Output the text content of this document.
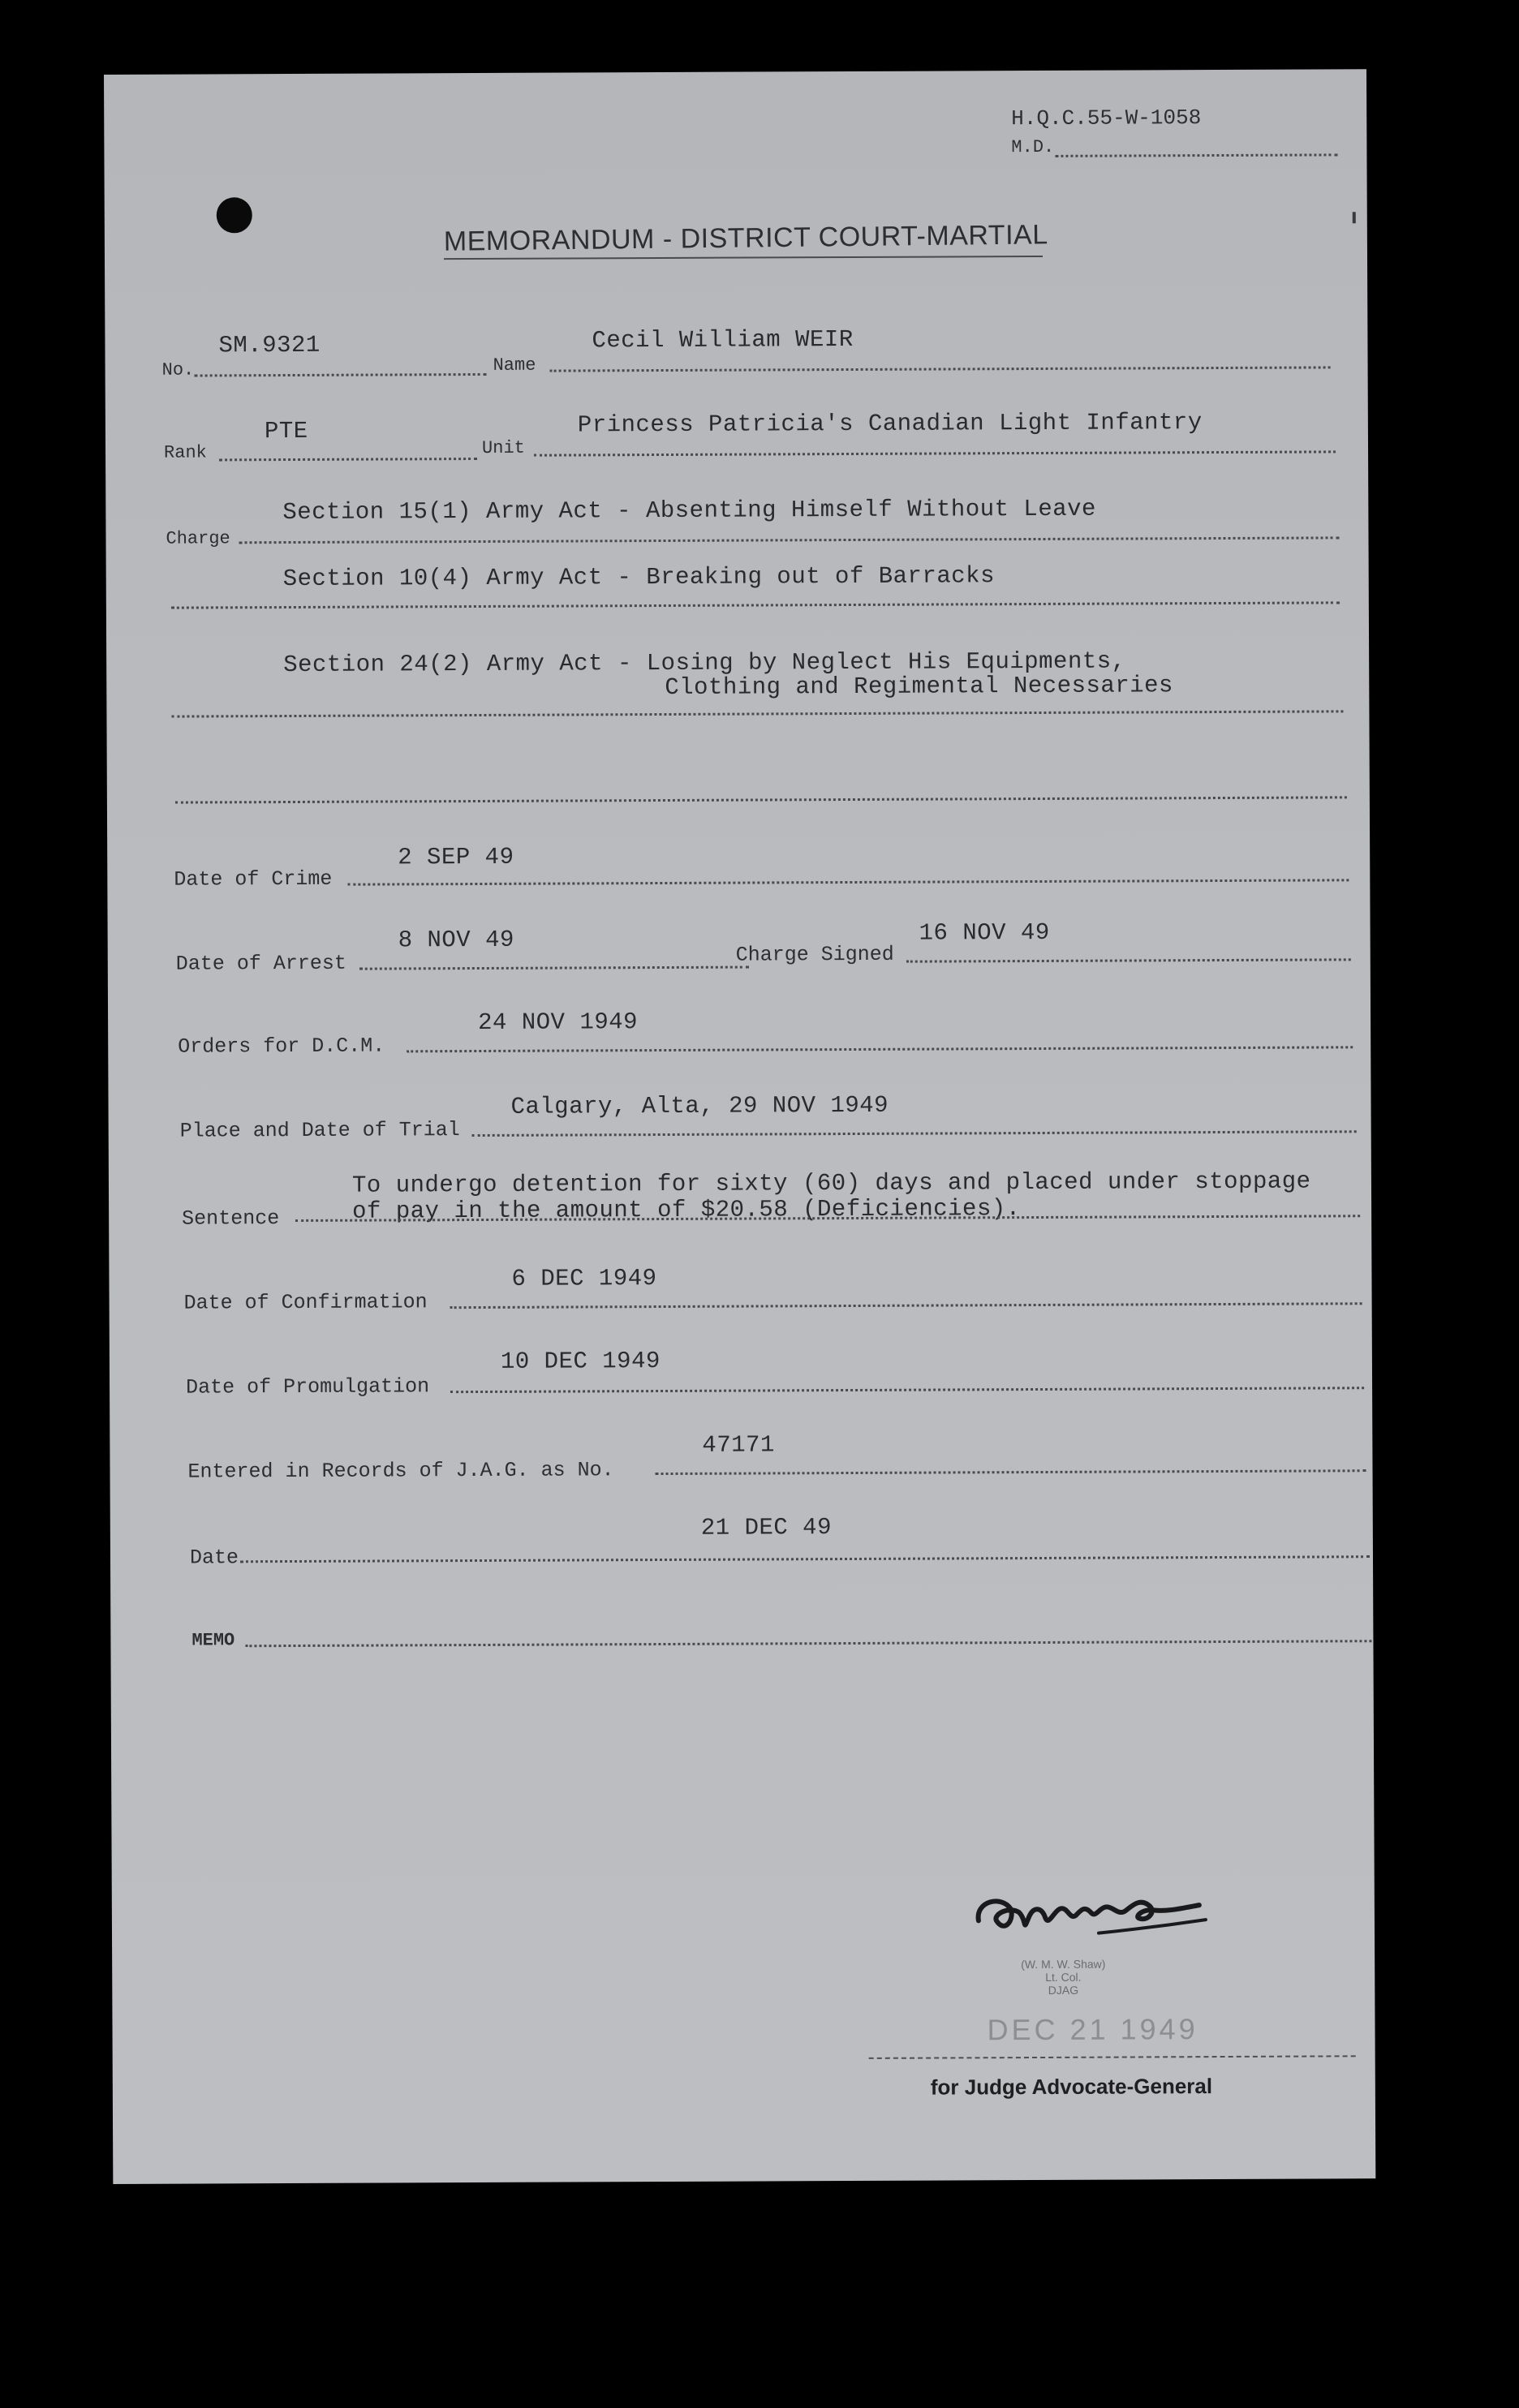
H.Q.C.55-W-1058
M.D.
MEMORANDUM - DISTRICT COURT-MARTIAL
No.
SM.9321
Name
Cecil William WEIR
Rank
PTE
Unit
Princess Patricia's Canadian Light Infantry
Charge
Section 15(1) Army Act - Absenting Himself Without Leave
Section 10(4) Army Act - Breaking out of Barracks
Section 24(2) Army Act - Losing by Neglect His Equipments,
Clothing and Regimental Necessaries
Date of Crime
2 SEP 49
Date of Arrest
8 NOV 49
Charge Signed
16 NOV 49
Orders for D.C.M.
24 NOV 1949
Place and Date of Trial
Calgary, Alta, 29 NOV 1949
Sentence
To undergo detention for sixty (60) days and placed under stoppage
of pay in the amount of $20.58 (Deficiencies).
Date of Confirmation
6 DEC 1949
Date of Promulgation
10 DEC 1949
Entered in Records of J.A.G. as No.
47171
Date
21 DEC 49
MEMO
(W. M. W. Shaw)
Lt. Col.
DJAG
DEC 21 1949
for Judge Advocate-General
